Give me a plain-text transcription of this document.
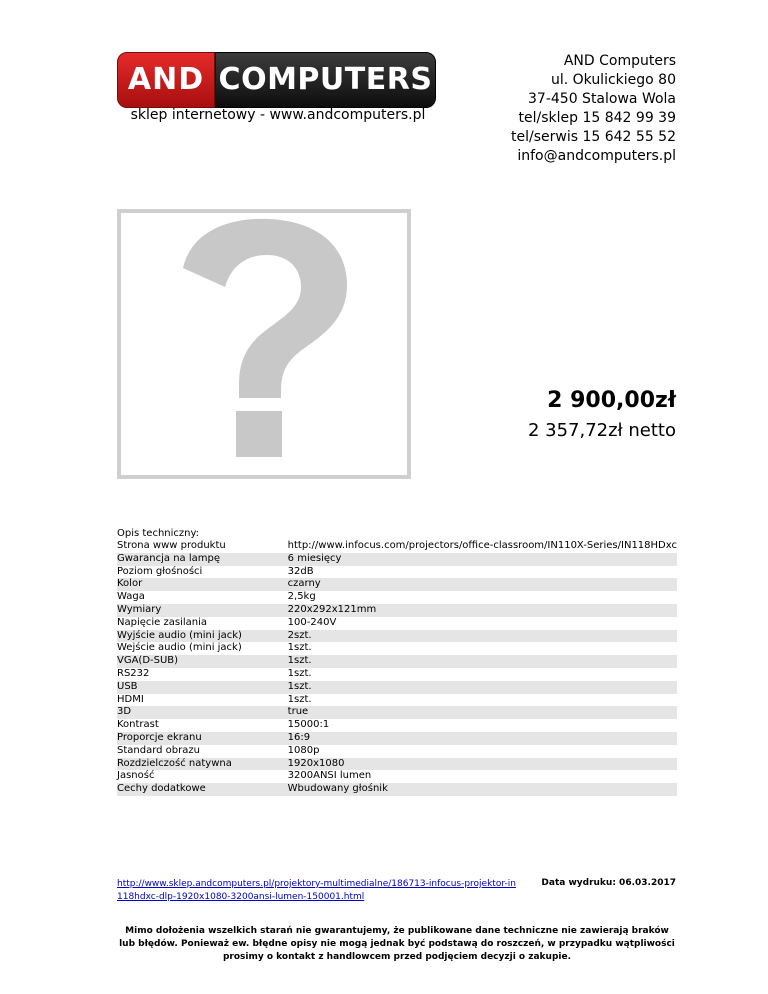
AND COMPUTERS
sklep internetowy - www.andcomputers.pl
AND Computers
ul. Okulickiego 80
37-450 Stalowa Wola
tel/sklep 15 842 99 39
tel/serwis 15 642 55 52
info@andcomputers.pl
2 900,00zł
2 357,72zł netto
Opis techniczny:
Strona www produktu	http://www.infocus.com/projectors/office-classroom/IN110X-Series/IN118HDxc
Gwarancja na lampę	6 miesięcy
Poziom głośności	32dB
Kolor	czarny
Waga	2,5kg
Wymiary	220x292x121mm
Napięcie zasilania	100-240V
Wyjście audio (mini jack)	2szt.
Wejście audio (mini jack)	1szt.
VGA(D-SUB)	1szt.
RS232	1szt.
USB	1szt.
HDMI	1szt.
3D	true
Kontrast	15000:1
Proporcje ekranu	16:9
Standard obrazu	1080p
Rozdzielczość natywna	1920x1080
Jasność	3200ANSI lumen
Cechy dodatkowe	Wbudowany głośnik
http://www.sklep.andcomputers.pl/projektory-multimedialne/186713-infocus-projektor-in118hdxc-dlp-1920x1080-3200ansi-lumen-150001.html
Data wydruku: 06.03.2017
Mimo dołożenia wszelkich starań nie gwarantujemy, że publikowane dane techniczne nie zawierają braków lub błędów. Ponieważ ew. błędne opisy nie mogą jednak być podstawą do roszczeń, w przypadku wątpliwości prosimy o kontakt z handlowcem przed podjęciem decyzji o zakupie.
